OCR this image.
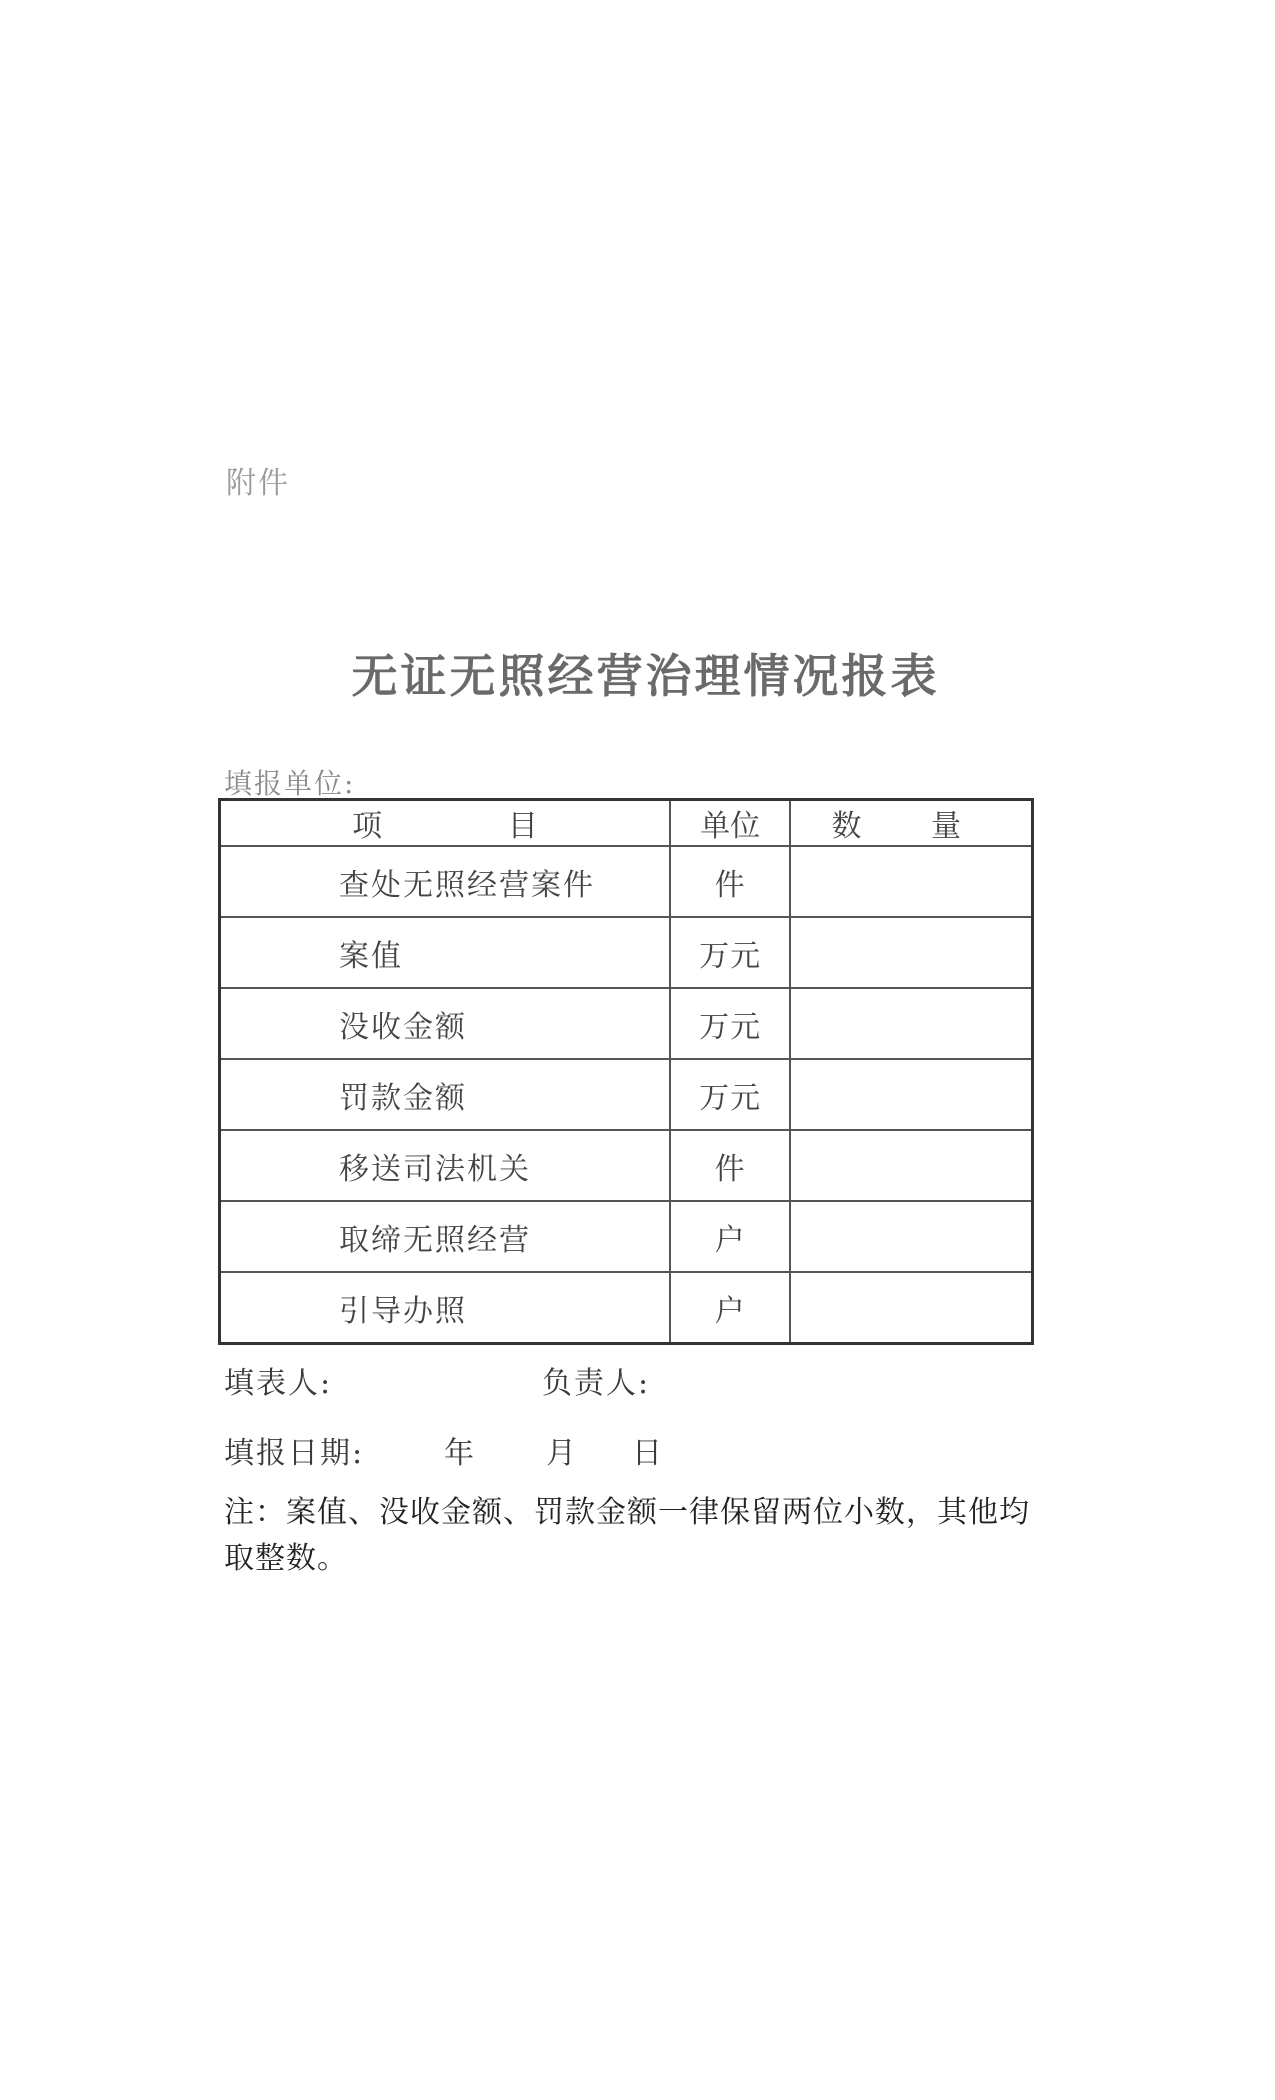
附件
无证无照经营治理情况报表
填报单位:
项 目	单位	数 量
查处无照经营案件	件	
案值	万元	
没收金额	万元	
罚款金额	万元	
移送司法机关	件	
取缔无照经营	户	
引导办照	户	
填表人:	负责人:
填报日期:	年 月 日
注：案值、没收金额、罚款金额一律保留两位小数，其他均取整数。
